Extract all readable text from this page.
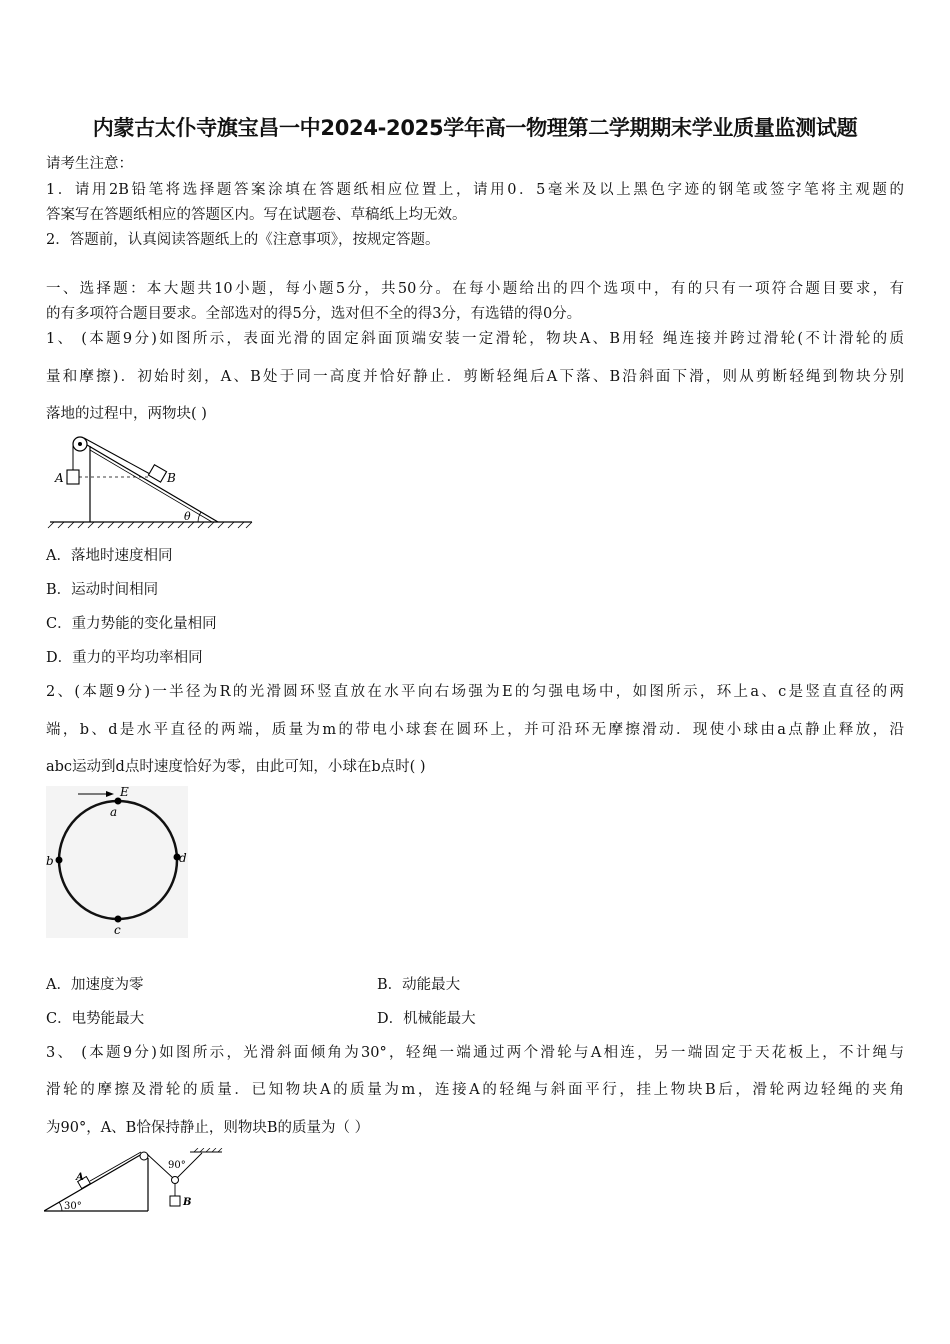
内蒙古太仆寺旗宝昌一中2024-2025学年高一物理第二学期期末学业质量监测试题
请考生注意：
1．请用2B铅笔将选择题答案涂填在答题纸相应位置上，请用0．5毫米及以上黑色字迹的钢笔或签字笔将主观题的
答案写在答题纸相应的答题区内。写在试题卷、草稿纸上均无效。
2．答题前，认真阅读答题纸上的《注意事项》，按规定答题。
一、选择题：本大题共10小题，每小题5分，共50分。在每小题给出的四个选项中，有的只有一项符合题目要求，有
的有多项符合题目要求。全部选对的得5分，选对但不全的得3分，有选错的得0分。
1、 (本题9分)如图所示，表面光滑的固定斜面顶端安装一定滑轮，物块A、B用轻 绳连接并跨过滑轮(不计滑轮的质
量和摩擦)．初始时刻，A、B处于同一高度并恰好静止．剪断轻绳后A下落、B沿斜面下滑，则从剪断轻绳到物块分别
落地的过程中，两物块( )
A	B
θ
A．落地时速度相同
B．运动时间相同
C．重力势能的变化量相同
D．重力的平均功率相同
2、(本题9分)一半径为R的光滑圆环竖直放在水平向右场强为E的匀强电场中，如图所示，环上a、c是竖直直径的两
端，b、d是水平直径的两端，质量为m的带电小球套在圆环上，并可沿环无摩擦滑动．现使小球由a点静止释放，沿
abc运动到d点时速度恰好为零，由此可知，小球在b点时( )
E
a
b	d
c
A．加速度为零	B．动能最大
C．电势能最大	D．机械能最大
3、 (本题9分)如图所示，光滑斜面倾角为30°，轻绳一端通过两个滑轮与A相连，另一端固定于天花板上，不计绳与
滑轮的摩擦及滑轮的质量．已知物块A的质量为m，连接A的轻绳与斜面平行，挂上物块B后，滑轮两边轻绳的夹角
为90°，A、B恰保持静止，则物块B的质量为（ ）
A
B
90°
30°
